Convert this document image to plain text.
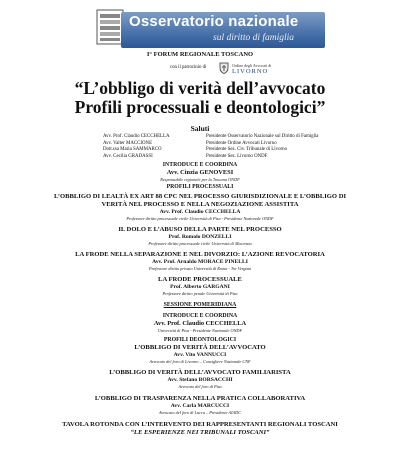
Osservatorio nazionale
sul diritto di famiglia
I° FORUM REGIONALE TOSCANO
con il patrocinio di	Ordine degli Avvocati di
LIVORNO
“L’obbligo di verità dell’avvocato
Profili processuali e deontologici”
Saluti
Avv. Prof. Claudio CECCHELLA	Presidente Osservatorio Nazionale sul Diritto di Famiglia
Avv. Valter MACCIONE	Presidente Ordine Avvocati Livorno
Dott.ssa Maria SAMMARCO	Presidente Sez. Civ. Tribunale di Livorno
Avv. Cecilia GRADASSI	Presidente Sez. Livorno ONDF
INTRODUCE E COORDINA
Avv. Cinzia GENOVESI
Responsabile regionale per la Toscana ONDF
PROFILI PROCESSUALI
L’OBBLIGO DI LEALTÀ EX ART 88 CPC NEL PROCESSO GIURISDIZIONALE E L’OBBLIGO DI
VERITÀ NEL PROCESSO E NELLA NEGOZIAZIONE ASSISTITA
Avv. Prof. Claudio CECCHELLA
Professore diritto processuale civile Università di Pisa - Presidente Nazionale ONDF
IL DOLO E L’ABUSO DELLA PARTE NEL PROCESSO
Prof. Romolo DONZELLI
Professore diritto processuale civile Università di Macerata
LA FRODE NELLA SEPARAZIONE E NEL DIVORZIO: L’AZIONE REVOCATORIA
Avv. Prof. Arnaldo MORACE PINELLI
Professore diritto privato Università di Roma - Tor Vergata
LA FRODE PROCESSUALE
Prof. Alberto GARGANI
Professore diritto penale Università di Pisa
SESSIONE POMERIDIANA
INTRODUCE E COORDINA
Avv. Prof. Claudio CECCHELLA
Università di Pisa - Presidente Nazionale ONDF
PROFILI DEONTOLOGICI
L’OBBLIGO DI VERITÀ DELL’AVVOCATO
Avv. Vito VANNUCCI
Avvocato del foro di Livorno – Consigliere Nazionale CNF
L’OBBLIGO DI VERITÀ DELL’AVVOCATO FAMILIARISTA
Avv. Stefano BORSACCHI
Avvocato del foro di Pisa
L’OBBLIGO DI TRASPARENZA NELLA PRATICA COLLABORATIVA
Avv. Carla MARCUCCI
Avvocato del foro di Lucca – Presidente AIADC
TAVOLA ROTONDA CON L’INTERVENTO DEI RAPPRESENTANTI REGIONALI TOSCANI
“LE ESPERIENZE NEI TRIBUNALI TOSCANI”
